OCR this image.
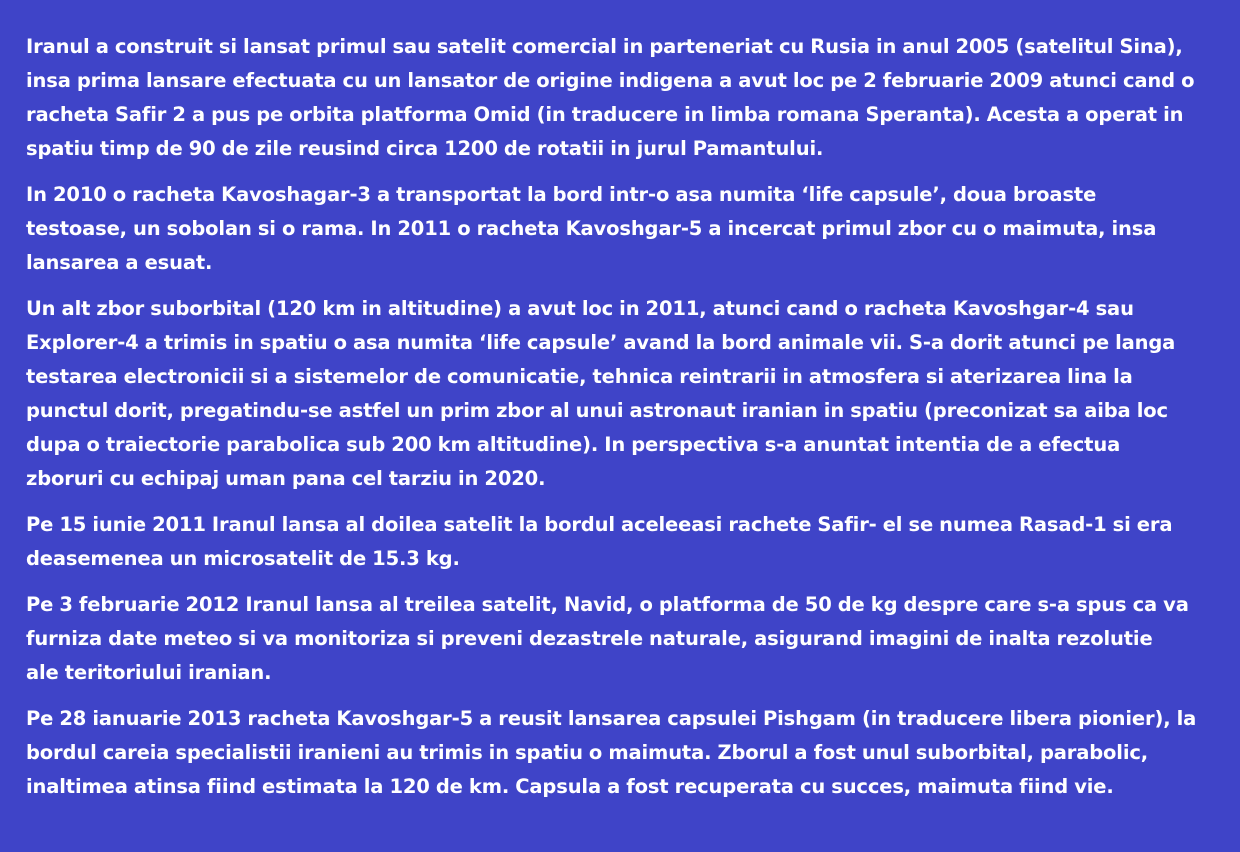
Iranul a construit si lansat primul sau satelit comercial in parteneriat cu Rusia in anul 2005 (satelitul Sina),
insa prima lansare efectuata cu un lansator de origine indigena a avut loc pe 2 februarie 2009 atunci cand o
racheta Safir 2 a pus pe orbita platforma Omid (in traducere in limba romana Speranta). Acesta a operat in
spatiu timp de 90 de zile reusind circa 1200 de rotatii in jurul Pamantului.

In 2010 o racheta Kavoshagar-3 a transportat la bord intr-o asa numita ‘life capsule’, doua broaste
testoase, un sobolan si o rama. In 2011 o racheta Kavoshgar-5 a incercat primul zbor cu o maimuta, insa
lansarea a esuat.

Un alt zbor suborbital (120 km in altitudine) a avut loc in 2011, atunci cand o racheta Kavoshgar-4 sau
Explorer-4 a trimis in spatiu o asa numita ‘life capsule’ avand la bord animale vii. S-a dorit atunci pe langa
testarea electronicii si a sistemelor de comunicatie, tehnica reintrarii in atmosfera si aterizarea lina la
punctul dorit, pregatindu-se astfel un prim zbor al unui astronaut iranian in spatiu (preconizat sa aiba loc
dupa o traiectorie parabolica sub 200 km altitudine). In perspectiva s-a anuntat intentia de a efectua
zboruri cu echipaj uman pana cel tarziu in 2020.

Pe 15 iunie 2011 Iranul lansa al doilea satelit la bordul aceleeasi rachete Safir- el se numea Rasad-1 si era
deasemenea un microsatelit de 15.3 kg.

Pe 3 februarie 2012 Iranul lansa al treilea satelit, Navid, o platforma de 50 de kg despre care s-a spus ca va
furniza date meteo si va monitoriza si preveni dezastrele naturale, asigurand imagini de inalta rezolutie
ale teritoriului iranian.

Pe 28 ianuarie 2013 racheta Kavoshgar-5 a reusit lansarea capsulei Pishgam (in traducere libera pionier), la
bordul careia specialistii iranieni au trimis in spatiu o maimuta. Zborul a fost unul suborbital, parabolic,
inaltimea atinsa fiind estimata la 120 de km. Capsula a fost recuperata cu succes, maimuta fiind vie.
